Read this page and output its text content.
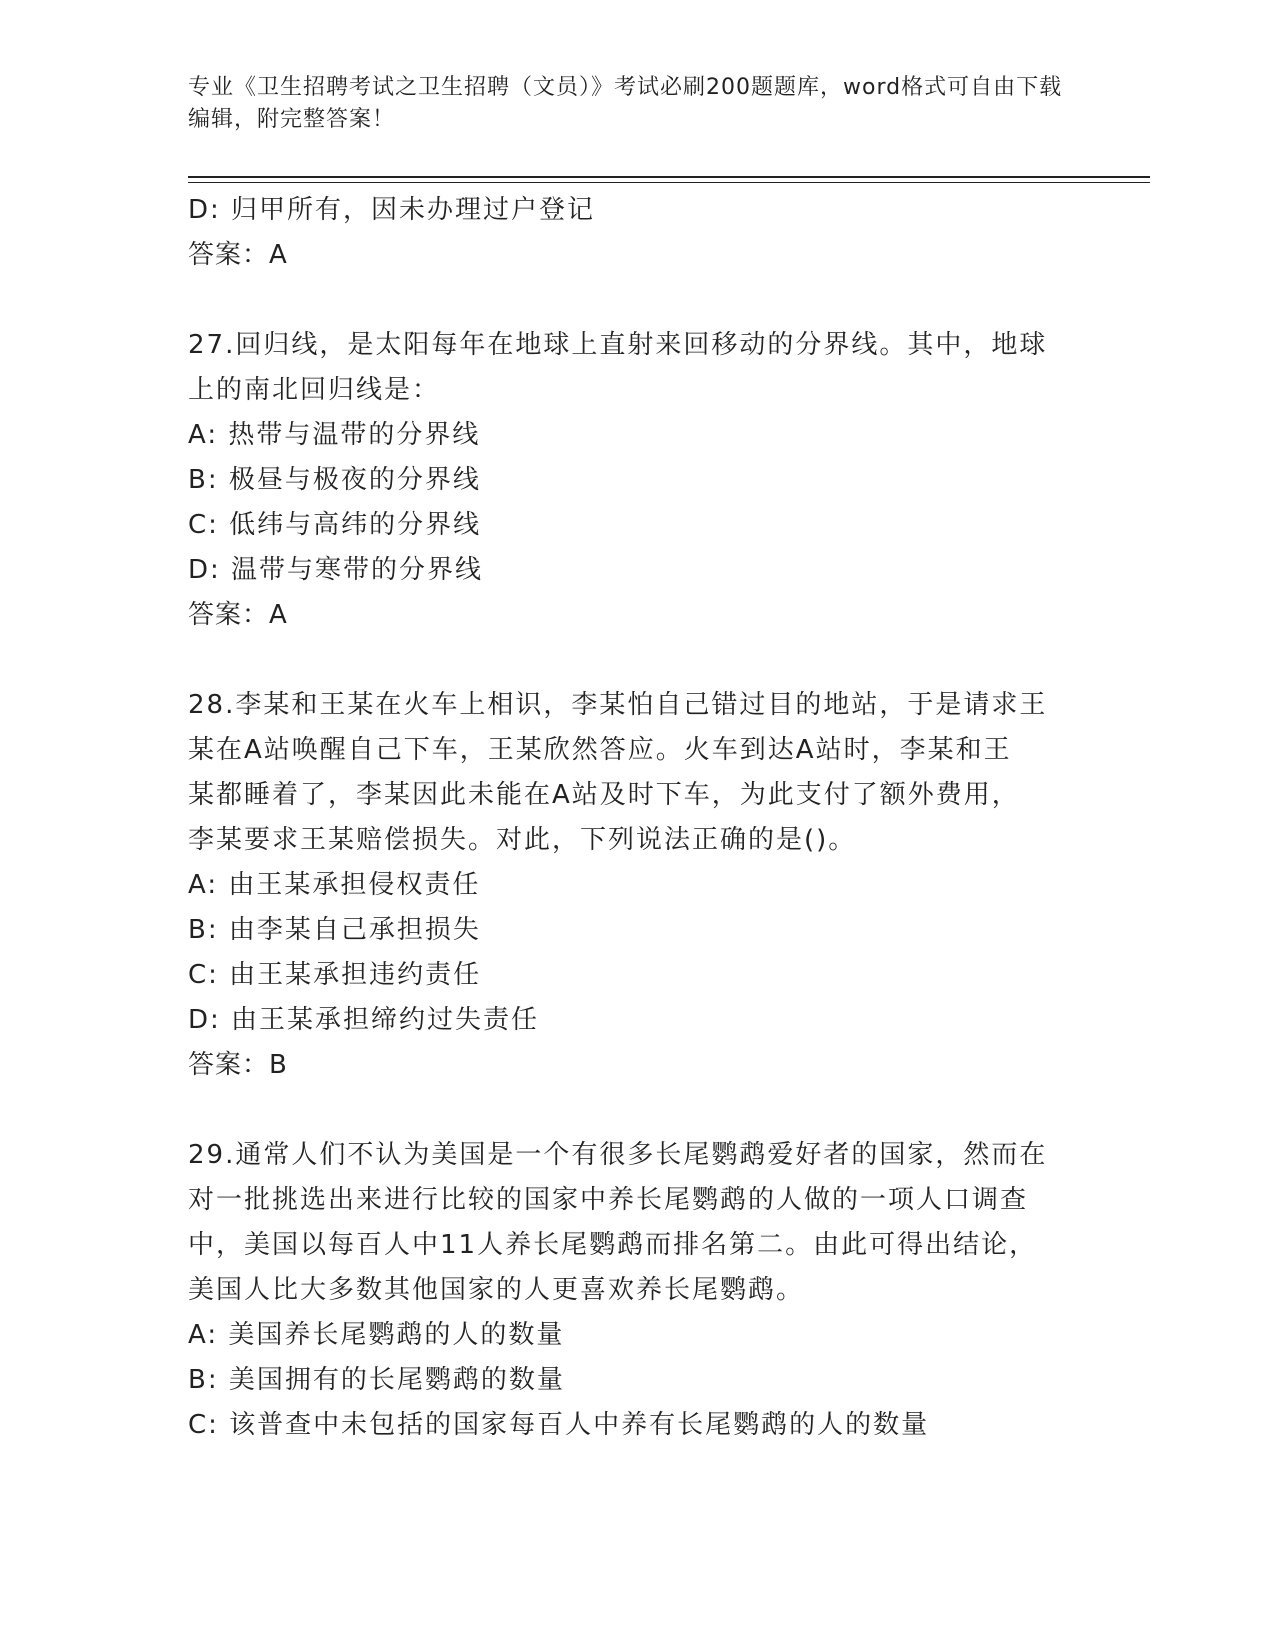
专业《卫生招聘考试之卫生招聘（文员）》考试必刷200题题库，word格式可自由下载编辑，附完整答案！
D: 归甲所有，因未办理过户登记
答案：A
27.回归线，是太阳每年在地球上直射来回移动的分界线。其中，地球
上的南北回归线是：
A: 热带与温带的分界线
B: 极昼与极夜的分界线
C: 低纬与高纬的分界线
D: 温带与寒带的分界线
答案：A
28.李某和王某在火车上相识，李某怕自己错过目的地站，于是请求王
某在A站唤醒自己下车，王某欣然答应。火车到达A站时，李某和王
某都睡着了，李某因此未能在A站及时下车，为此支付了额外费用，
李某要求王某赔偿损失。对此，下列说法正确的是()。
A: 由王某承担侵权责任
B: 由李某自己承担损失
C: 由王某承担违约责任
D: 由王某承担缔约过失责任
答案：B
29.通常人们不认为美国是一个有很多长尾鹦鹉爱好者的国家，然而在
对一批挑选出来进行比较的国家中养长尾鹦鹉的人做的一项人口调查
中，美国以每百人中11人养长尾鹦鹉而排名第二。由此可得出结论，
美国人比大多数其他国家的人更喜欢养长尾鹦鹉。
A: 美国养长尾鹦鹉的人的数量
B: 美国拥有的长尾鹦鹉的数量
C: 该普查中未包括的国家每百人中养有长尾鹦鹉的人的数量
